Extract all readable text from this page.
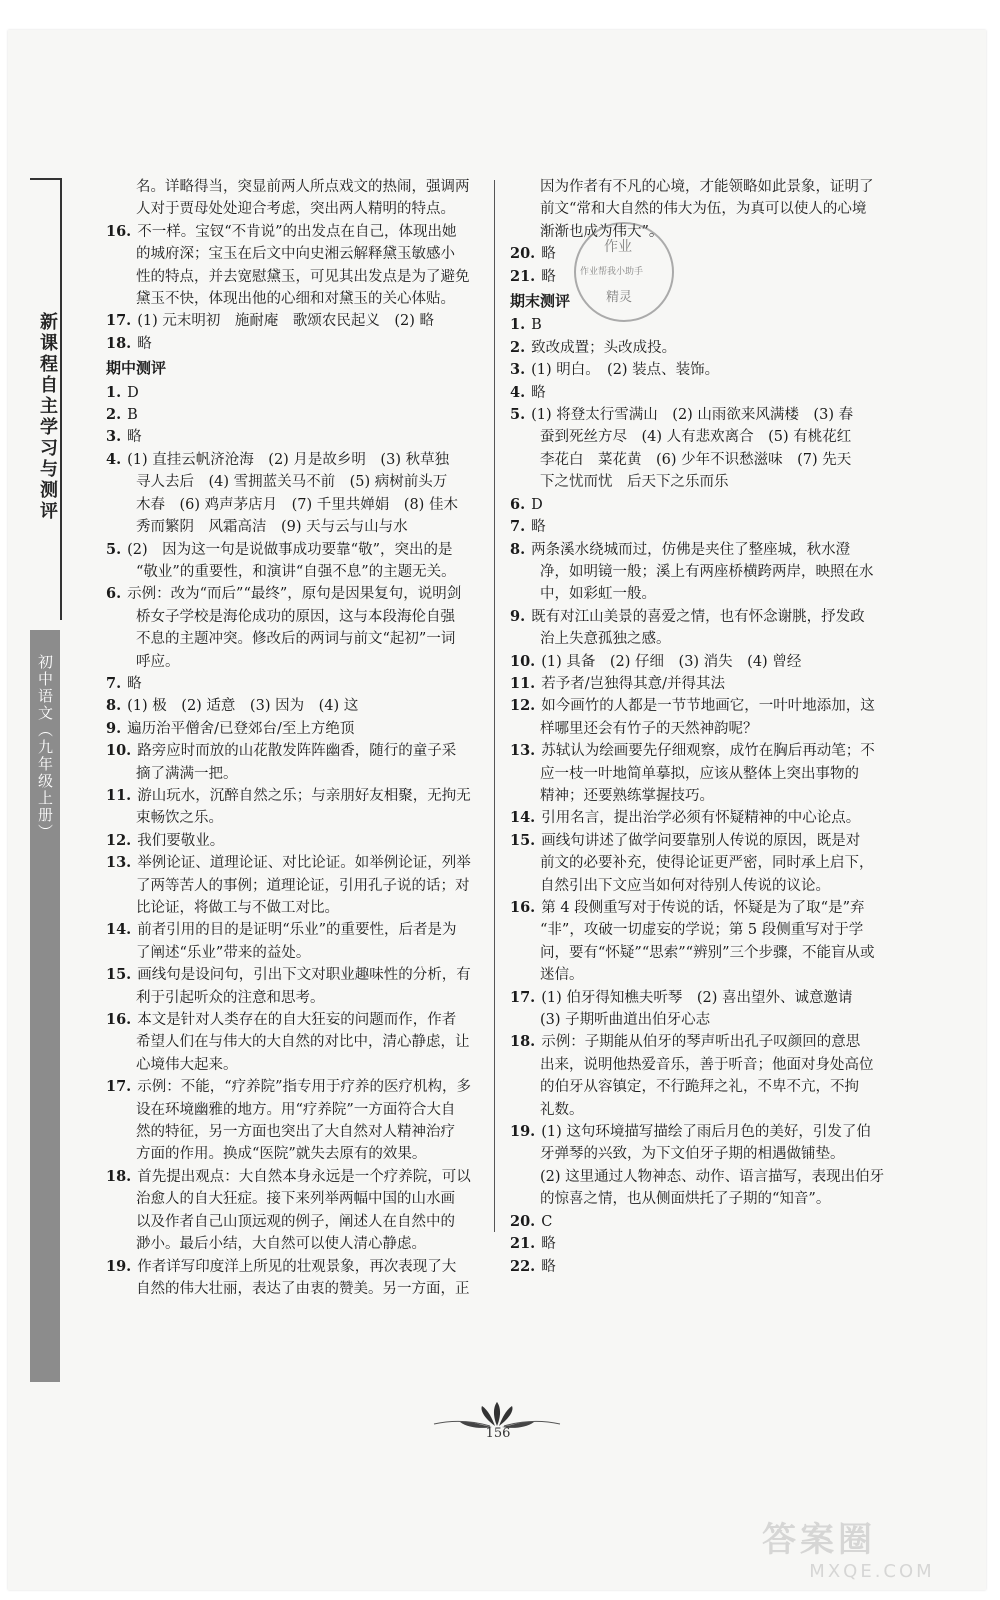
新课程自主学习与测评
初中语文（九年级上册）
名。详略得当，突显前两人所点戏文的热闹，强调两
人对于贾母处处迎合考虑，突出两人精明的特点。
16. 不一样。宝钗“不肯说”的出发点在自己，体现出她
的城府深；宝玉在后文中向史湘云解释黛玉敏感小
性的特点，并去宽慰黛玉，可见其出发点是为了避免
黛玉不快，体现出他的心细和对黛玉的关心体贴。
17. (1) 元末明初　施耐庵　歌颂农民起义　(2) 略
18. 略
期中测评
1. D
2. B
3. 略
4. (1) 直挂云帆济沧海　(2) 月是故乡明　(3) 秋草独
寻人去后　(4) 雪拥蓝关马不前　(5) 病树前头万
木春　(6) 鸡声茅店月　(7) 千里共婵娟　(8) 佳木
秀而繁阴　风霜高洁　(9) 天与云与山与水
5. (2)　因为这一句是说做事成功要靠“敬”，突出的是
“敬业”的重要性，和演讲“自强不息”的主题无关。
6. 示例：改为“而后”“最终”，原句是因果复句，说明剑
桥女子学校是海伦成功的原因，这与本段海伦自强
不息的主题冲突。修改后的两词与前文“起初”一词
呼应。
7. 略
8. (1) 极　(2) 适意　(3) 因为　(4) 这
9. 遍历治平僧舍/已登郊台/至上方绝顶
10. 路旁应时而放的山花散发阵阵幽香，随行的童子采
摘了满满一把。
11. 游山玩水，沉醉自然之乐；与亲朋好友相聚，无拘无
束畅饮之乐。
12. 我们要敬业。
13. 举例论证、道理论证、对比论证。如举例论证，列举
了两等苦人的事例；道理论证，引用孔子说的话；对
比论证，将做工与不做工对比。
14. 前者引用的目的是证明“乐业”的重要性，后者是为
了阐述“乐业”带来的益处。
15. 画线句是设问句，引出下文对职业趣味性的分析，有
利于引起听众的注意和思考。
16. 本文是针对人类存在的自大狂妄的问题而作，作者
希望人们在与伟大的大自然的对比中，清心静虑，让
心境伟大起来。
17. 示例：不能，“疗养院”指专用于疗养的医疗机构，多
设在环境幽雅的地方。用“疗养院”一方面符合大自
然的特征，另一方面也突出了大自然对人精神治疗
方面的作用。换成“医院”就失去原有的效果。
18. 首先提出观点：大自然本身永远是一个疗养院，可以
治愈人的自大狂症。接下来列举两幅中国的山水画
以及作者自己山顶远观的例子，阐述人在自然中的
渺小。最后小结，大自然可以使人清心静虑。
19. 作者详写印度洋上所见的壮观景象，再次表现了大
自然的伟大壮丽，表达了由衷的赞美。另一方面，正
因为作者有不凡的心境，才能领略如此景象，证明了
前文“常和大自然的伟大为伍，为真可以使人的心境
渐渐也成为伟大”。
20. 略
21. 略
期末测评
1. B
2. 致改成置；头改成投。
3. (1) 明白。　(2) 装点、装饰。
4. 略
5. (1) 将登太行雪满山　(2) 山雨欲来风满楼　(3) 春
蚕到死丝方尽　(4) 人有悲欢离合　(5) 有桃花红
李花白　菜花黄　(6) 少年不识愁滋味　(7) 先天
下之忧而忧　后天下之乐而乐
6. D
7. 略
8. 两条溪水绕城而过，仿佛是夹住了整座城，秋水澄
净，如明镜一般；溪上有两座桥横跨两岸，映照在水
中，如彩虹一般。
9. 既有对江山美景的喜爱之情，也有怀念谢朓，抒发政
治上失意孤独之感。
10. (1) 具备　(2) 仔细　(3) 消失　(4) 曾经
11. 若予者/岂独得其意/并得其法
12. 如今画竹的人都是一节节地画它，一叶叶地添加，这
样哪里还会有竹子的天然神韵呢？
13. 苏轼认为绘画要先仔细观察，成竹在胸后再动笔；不
应一枝一叶地简单摹拟，应该从整体上突出事物的
精神；还要熟练掌握技巧。
14. 引用名言，提出治学必须有怀疑精神的中心论点。
15. 画线句讲述了做学问要靠别人传说的原因，既是对
前文的必要补充，使得论证更严密，同时承上启下，
自然引出下文应当如何对待别人传说的议论。
16. 第 4 段侧重写对于传说的话，怀疑是为了取“是”弃
“非”，攻破一切虚妄的学说；第 5 段侧重写对于学
问，要有“怀疑”“思索”“辨别”三个步骤，不能盲从或
迷信。
17. (1) 伯牙得知樵夫听琴　(2) 喜出望外、诚意邀请
(3) 子期听曲道出伯牙心志
18. 示例：子期能从伯牙的琴声听出孔子叹颜回的意思
出来，说明他热爱音乐，善于听音；他面对身处高位
的伯牙从容镇定，不行跪拜之礼，不卑不亢，不拘
礼数。
19. (1) 这句环境描写描绘了雨后月色的美好，引发了伯
牙弹琴的兴致，为下文伯牙子期的相遇做铺垫。
(2) 这里通过人物神态、动作、语言描写，表现出伯牙
的惊喜之情，也从侧面烘托了子期的“知音”。
20. C
21. 略
22. 略
作业
作业帮我小助手
精灵
156
答案圈
MXQE.COM
